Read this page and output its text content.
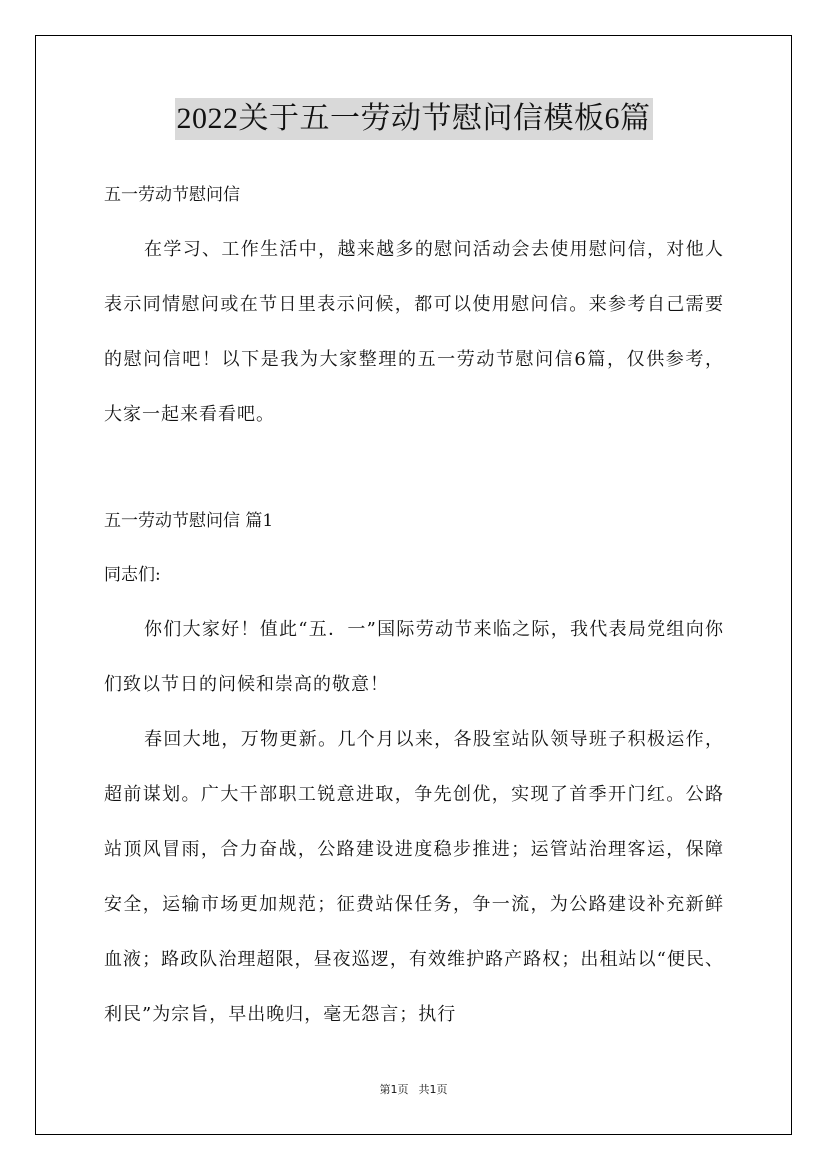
2022关于五一劳动节慰问信模板6篇
五一劳动节慰问信

在学习、工作生活中，越来越多的慰问活动会去使用慰问信，对他人表示同情慰问或在节日里表示问候，都可以使用慰问信。来参考自己需要的慰问信吧！以下是我为大家整理的五一劳动节慰问信6篇，仅供参考，大家一起来看看吧。

五一劳动节慰问信 篇1
同志们:

你们大家好！值此“五．一”国际劳动节来临之际，我代表局党组向你们致以节日的问候和崇高的敬意！

春回大地，万物更新。几个月以来，各股室站队领导班子积极运作，超前谋划。广大干部职工锐意进取，争先创优，实现了首季开门红。公路站顶风冒雨，合力奋战，公路建设进度稳步推进；运管站治理客运，保障安全，运输市场更加规范；征费站保任务，争一流，为公路建设补充新鲜血液；路政队治理超限，昼夜巡逻，有效维护路产路权；出租站以“便民、利民”为宗旨，早出晚归，毫无怨言；执行

第1页 共1页
